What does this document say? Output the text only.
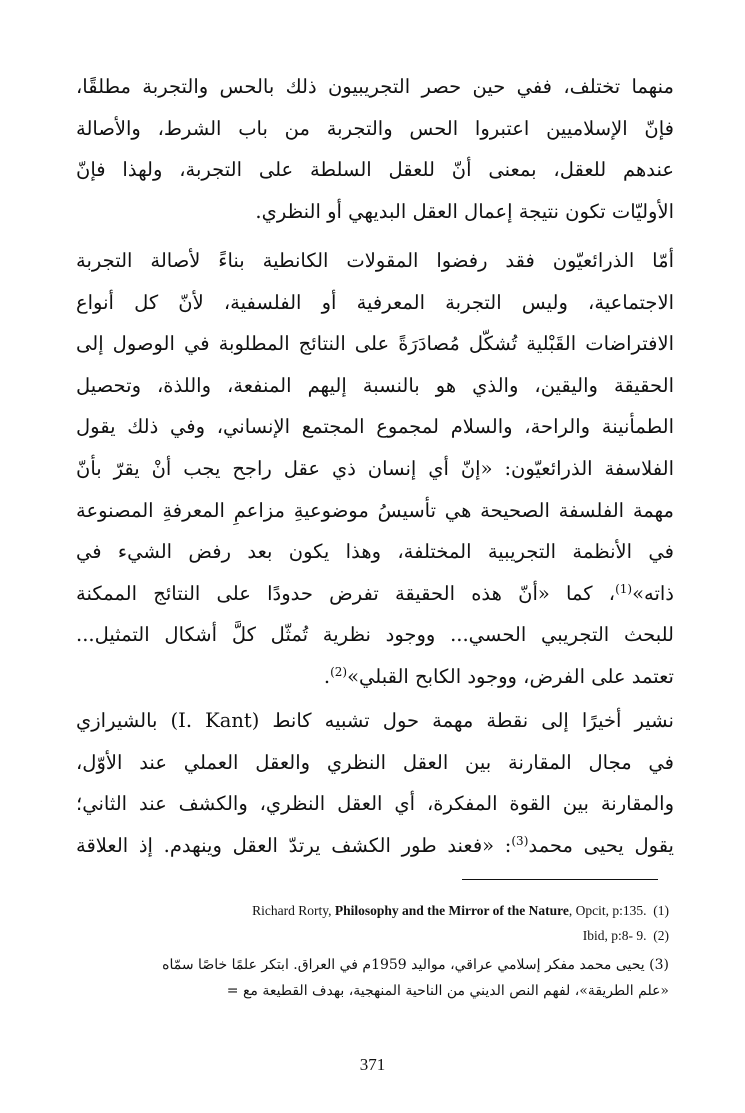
منهما تختلف، ففي حين حصر التجريبيون ذلك بالحس والتجربة مطلقًا،
فإنّ الإسلاميين اعتبروا الحس والتجربة من باب الشرط، والأصالة
عندهم للعقل، بمعنى أنّ للعقل السلطة على التجربة، ولهذا فإنّ
الأوليّات تكون نتيجة إعمال العقل البديهي أو النظري.
أمّا الذرائعيّون فقد رفضوا المقولات الكانطية بناءً لأصالة التجربة
الاجتماعية، وليس التجربة المعرفية أو الفلسفية، لأنّ كل أنواع
الافتراضات القَبْلية تُشكّل مُصادَرَةً على النتائج المطلوبة في الوصول إلى
الحقيقة واليقين، والذي هو بالنسبة إليهم المنفعة، واللذة، وتحصيل
الطمأنينة والراحة، والسلام لمجموع المجتمع الإنساني، وفي ذلك يقول
الفلاسفة الذرائعيّون: «إنّ أي إنسان ذي عقل راجح يجب أنْ يقرّ بأنّ
مهمة الفلسفة الصحيحة هي تأسيسُ موضوعيةِ مزاعمِ المعرفةِ المصنوعة
في الأنظمة التجريبية المختلفة، وهذا يكون بعد رفض الشيء في
ذاته»$^{(1)}$، كما «أنّ هذه الحقيقة تفرض حدودًا على النتائج الممكنة
للبحث التجريبي الحسي... ووجود نظرية تُمثّل كلَّ أشكال التمثيل...
تعتمد على الفرض، ووجود الكابح القبلي»$^{(2)}$.
نشير أخيرًا إلى نقطة مهمة حول تشبيه كانط (I. Kant) بالشيرازي
في مجال المقارنة بين العقل النظري والعقل العملي عند الأوّل،
والمقارنة بين القوة المفكرة، أي العقل النظري، والكشف عند الثاني؛
يقول يحيى محمد$^{(3)}$: «فعند طور الكشف يرتدّ العقل وينهدم. إذ العلاقة
Richard Rorty, Philosophy and the Mirror of the Nature, Opcit, p:135. (1)
Ibid, p:8- 9. (2)
(3) يحيى محمد مفكر إسلامي عراقي، مواليد 1959م في العراق. ابتكر علمًا خاصًا سمّاه
«علم الطريقة»، لفهم النص الديني من الناحية المنهجية، بهدف القطيعة مع =
371
